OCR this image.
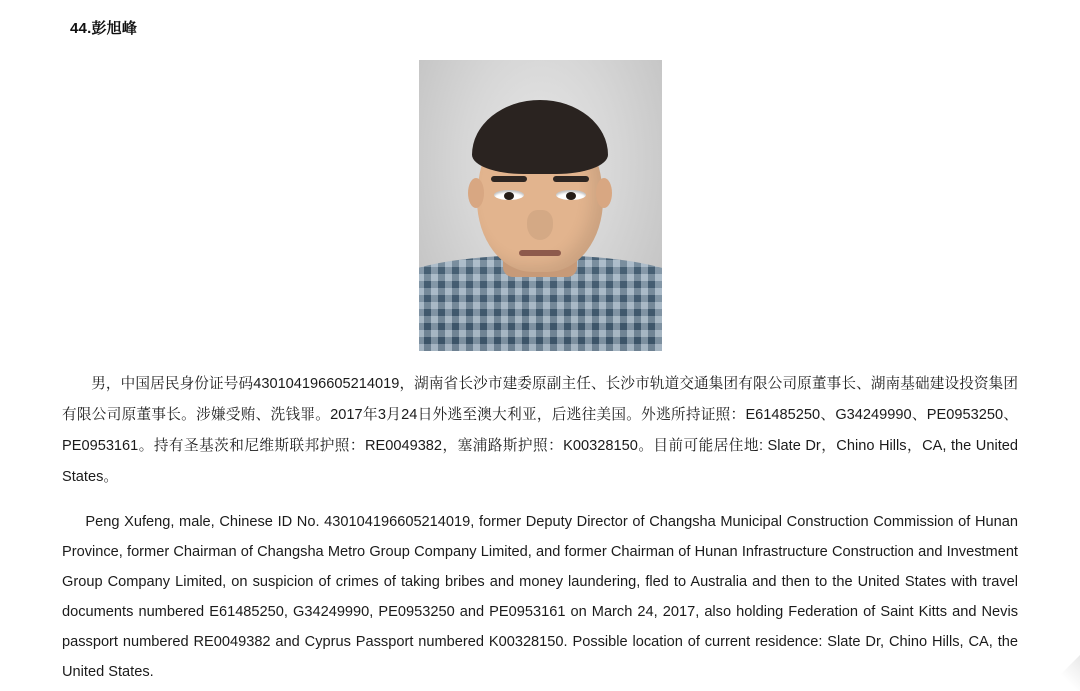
44.彭旭峰

男，中国居民身份证号码430104196605214019，湖南省长沙市建委原副主任、长沙市轨道交通集团有限公司原董事长、湖南基础建设投资集团有限公司原董事长。涉嫌受贿、洗钱罪。2017年3月24日外逃至澳大利亚，后逃往美国。外逃所持证照：E61485250、G34249990、PE0953250、PE0953161。持有圣基茨和尼维斯联邦护照：RE0049382，塞浦路斯护照：K00328150。目前可能居住地: Slate Dr，Chino Hills，CA, the United States。

Peng Xufeng, male, Chinese ID No. 430104196605214019, former Deputy Director of Changsha Municipal Construction Commission of Hunan Province, former Chairman of Changsha Metro Group Company Limited, and former Chairman of Hunan Infrastructure Construction and Investment Group Company Limited, on suspicion of crimes of taking bribes and money laundering, fled to Australia and then to the United States with travel documents numbered E61485250, G34249990, PE0953250 and PE0953161 on March 24, 2017, also holding Federation of Saint Kitts and Nevis passport numbered RE0049382 and Cyprus Passport numbered K00328150. Possible location of current residence: Slate Dr, Chino Hills, CA, the United States.
